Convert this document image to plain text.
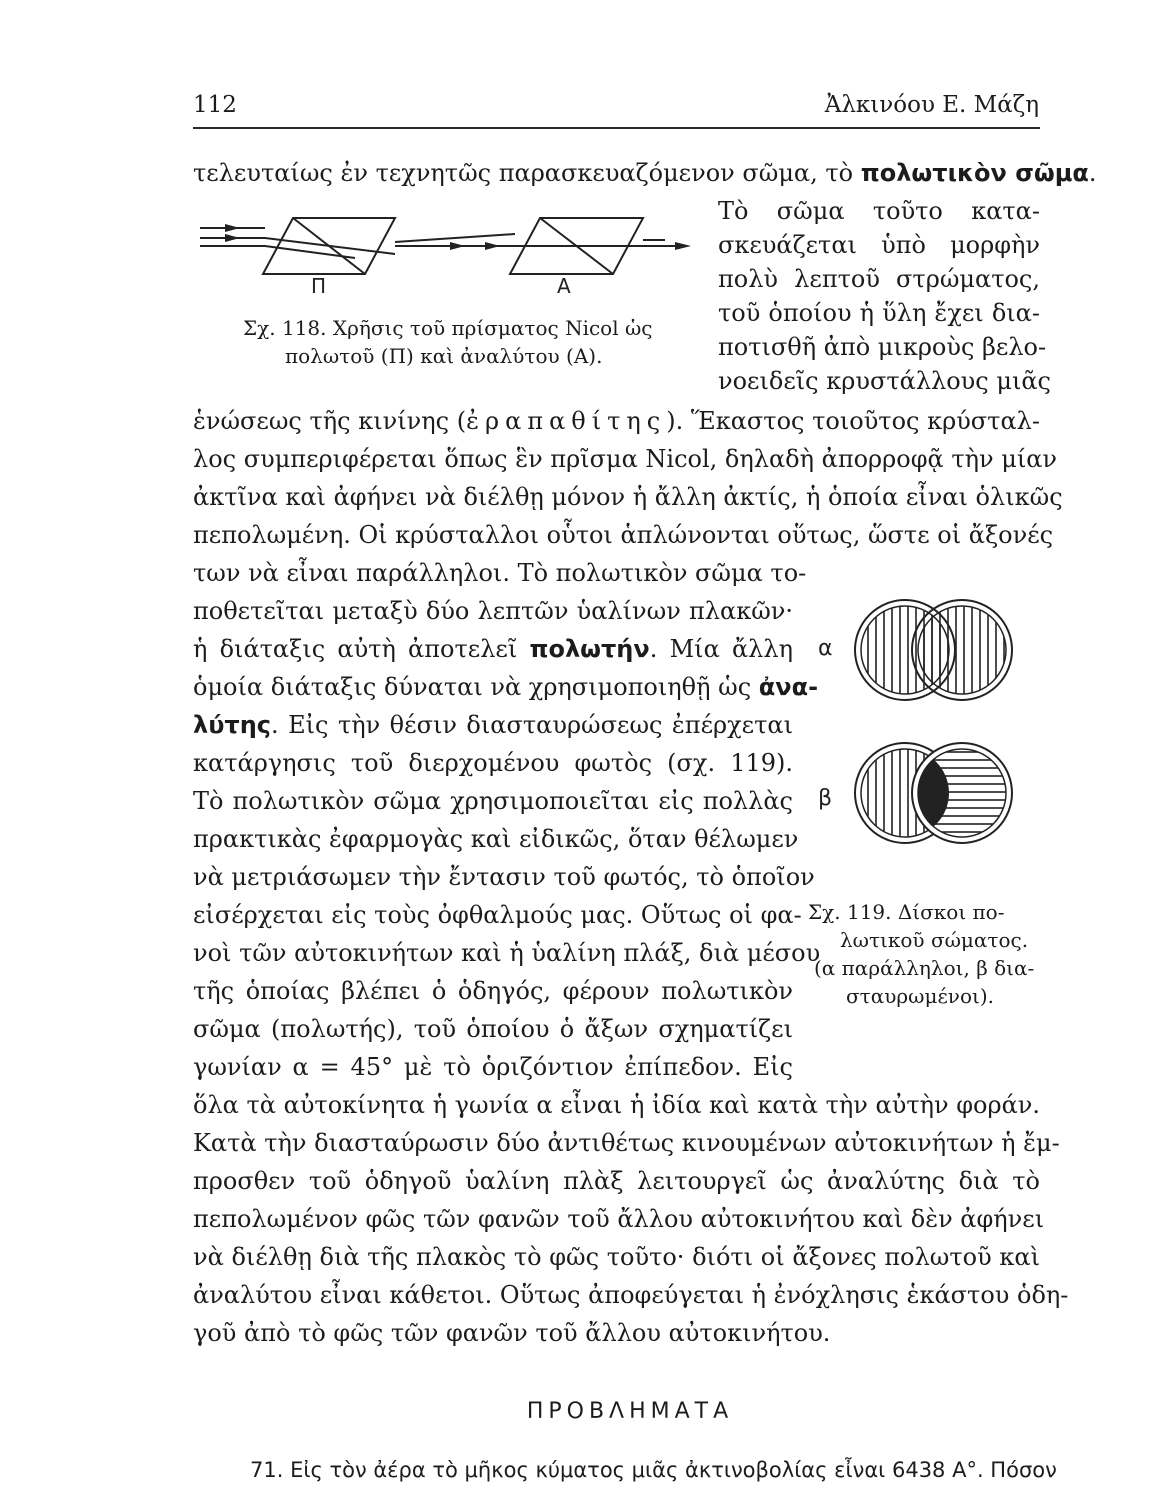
112	Ἀλκινόου Ε. Μάζη
τελευταίως ἐν τεχνητῶς παρασκευαζόμενον σῶμα, τὸ πολωτικὸν σῶμα.
Π	Α
Σχ. 118. Χρῆσις τοῦ πρίσματος Nicol ὡς
πολωτοῦ (Π) καὶ ἀναλύτου (Α).
Τὸ σῶμα τοῦτο κατα-
σκευάζεται ὑπὸ μορφὴν
πολὺ λεπτοῦ στρώματος,
τοῦ ὁποίου ἡ ὕλη ἔχει δια-
ποτισθῆ ἀπὸ μικροὺς βελο-
νοειδεῖς κρυστάλλους μιᾶς
ἑνώσεως τῆς κινίνης (ἐραπαθίτης). Ἕκαστος τοιοῦτος κρύσταλ-
λος συμπεριφέρεται ὅπως ἓν πρῖσμα Nicol, δηλαδὴ ἀπορροφᾷ τὴν μίαν
ἀκτῖνα καὶ ἀφήνει νὰ διέλθῃ μόνον ἡ ἄλλη ἀκτίς, ἡ ὁποία εἶναι ὁλικῶς
πεπολωμένη. Οἱ κρύσταλλοι οὗτοι ἁπλώνονται οὕτως, ὥστε οἱ ἄξονές
των νὰ εἶναι παράλληλοι. Τὸ πολωτικὸν σῶμα το-
ποθετεῖται μεταξὺ δύο λεπτῶν ὑαλίνων πλακῶν·
ἡ διάταξις αὐτὴ ἀποτελεῖ πολωτήν. Μία ἄλλη
ὁμοία διάταξις δύναται νὰ χρησιμοποιηθῇ ὡς ἀνα-
λύτης. Εἰς τὴν θέσιν διασταυρώσεως ἐπέρχεται
κατάργησις τοῦ διερχομένου φωτὸς (σχ. 119).
Τὸ πολωτικὸν σῶμα χρησιμοποιεῖται εἰς πολλὰς
πρακτικὰς ἐφαρμογὰς καὶ εἰδικῶς, ὅταν θέλωμεν
νὰ μετριάσωμεν τὴν ἔντασιν τοῦ φωτός, τὸ ὁποῖον
εἰσέρχεται εἰς τοὺς ὀφθαλμούς μας. Οὕτως οἱ φα-
νοὶ τῶν αὐτοκινήτων καὶ ἡ ὑαλίνη πλάξ, διὰ μέσου
τῆς ὁποίας βλέπει ὁ ὁδηγός, φέρουν πολωτικὸν
σῶμα (πολωτής), τοῦ ὁποίου ὁ ἄξων σχηματίζει
γωνίαν α = 45° μὲ τὸ ὁριζόντιον ἐπίπεδον. Εἰς
α
β
Σχ. 119. Δίσκοι πο-
λωτικοῦ σώματος.
(α παράλληλοι, β δια-
σταυρωμένοι).
ὅλα τὰ αὐτοκίνητα ἡ γωνία α εἶναι ἡ ἰδία καὶ κατὰ τὴν αὐτὴν φοράν.
Κατὰ τὴν διασταύρωσιν δύο ἀντιθέτως κινουμένων αὐτοκινήτων ἡ ἔμ-
προσθεν τοῦ ὁδηγοῦ ὑαλίνη πλὰξ λειτουργεῖ ὡς ἀναλύτης διὰ τὸ
πεπολωμένον φῶς τῶν φανῶν τοῦ ἄλλου αὐτοκινήτου καὶ δὲν ἀφήνει
νὰ διέλθῃ διὰ τῆς πλακὸς τὸ φῶς τοῦτο· διότι οἱ ἄξονες πολωτοῦ καὶ
ἀναλύτου εἶναι κάθετοι. Οὕτως ἀποφεύγεται ἡ ἐνόχλησις ἑκάστου ὁδη-
γοῦ ἀπὸ τὸ φῶς τῶν φανῶν τοῦ ἄλλου αὐτοκινήτου.
ΠΡΟΒΛΗΜΑΤΑ
71. Εἰς τὸν ἀέρα τὸ μῆκος κύματος μιᾶς ἀκτινοβολίας εἶναι 6438 Α°. Πόσον
